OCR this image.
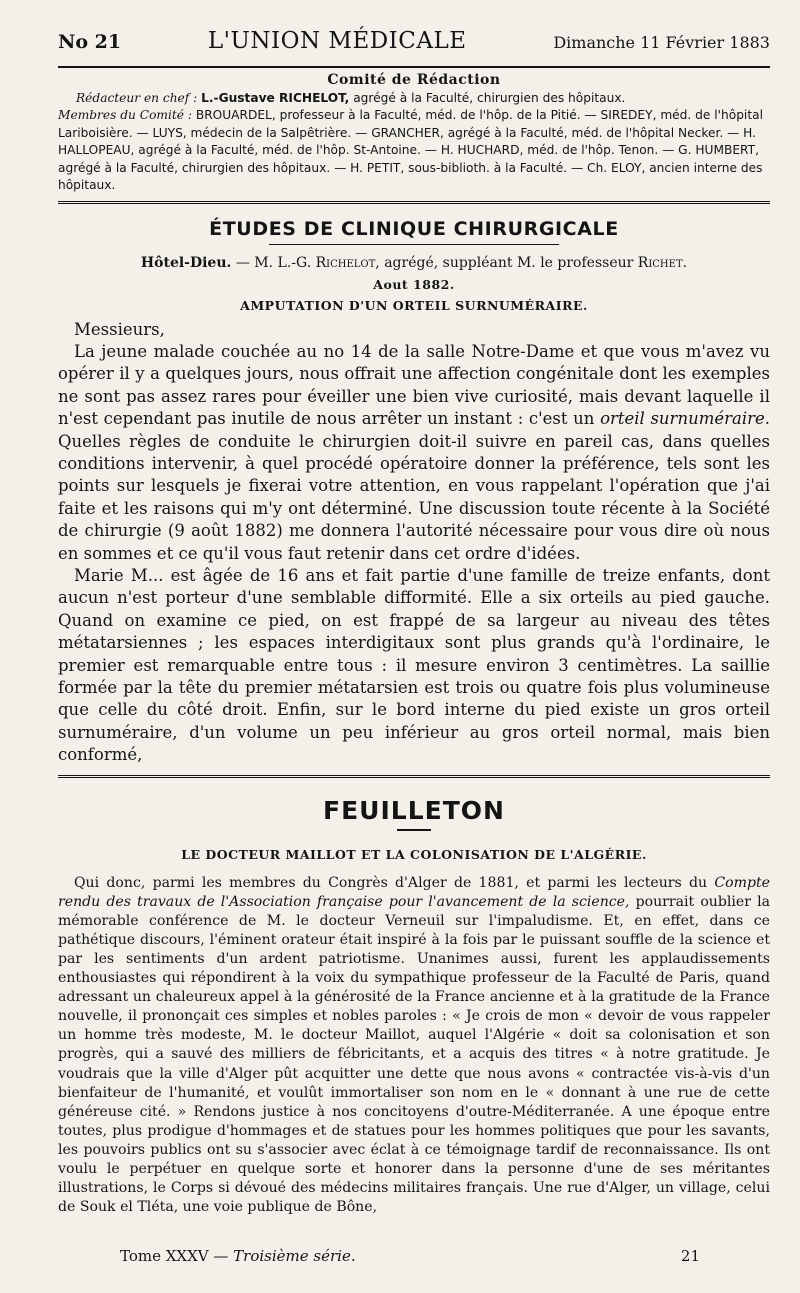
No 21	L'UNION MÉDICALE	Dimanche 11 Février 1883
Comité de Rédaction

Rédacteur en chef : L.-Gustave RICHELOT, agrégé à la Faculté, chirurgien des hôpitaux.

Membres du Comité : BROUARDEL, professeur à la Faculté, méd. de l'hôp. de la Pitié. — SIREDEY, méd. de l'hôpital Lariboisière. — LUYS, médecin de la Salpêtrière. — GRANCHER, agrégé à la Faculté, méd. de l'hôpital Necker. — H. HALLOPEAU, agrégé à la Faculté, méd. de l'hôp. St-Antoine. — H. HUCHARD, méd. de l'hôp. Tenon. — G. HUMBERT, agrégé à la Faculté, chirurgien des hôpitaux. — H. PETIT, sous-biblioth. à la Faculté. — Ch. ELOY, ancien interne des hôpitaux.

ÉTUDES DE CLINIQUE CHIRURGICALE
Hôtel-Dieu. — M. L.-G. Richelot, agrégé, suppléant M. le professeur Richet.
Aout 1882.
AMPUTATION D'UN ORTEIL SURNUMÉRAIRE.

Messieurs,

La jeune malade couchée au no 14 de la salle Notre-Dame et que vous m'avez vu opérer il y a quelques jours, nous offrait une affection congénitale dont les exemples ne sont pas assez rares pour éveiller une bien vive curiosité, mais devant laquelle il n'est cependant pas inutile de nous arrêter un instant : c'est un orteil surnuméraire. Quelles règles de conduite le chirurgien doit-il suivre en pareil cas, dans quelles conditions intervenir, à quel procédé opératoire donner la préférence, tels sont les points sur lesquels je fixerai votre attention, en vous rappelant l'opération que j'ai faite et les raisons qui m'y ont déterminé. Une discussion toute récente à la Société de chirurgie (9 août 1882) me donnera l'autorité nécessaire pour vous dire où nous en sommes et ce qu'il vous faut retenir dans cet ordre d'idées.

Marie M... est âgée de 16 ans et fait partie d'une famille de treize enfants, dont aucun n'est porteur d'une semblable difformité. Elle a six orteils au pied gauche. Quand on examine ce pied, on est frappé de sa largeur au niveau des têtes métatarsiennes ; les espaces interdigitaux sont plus grands qu'à l'ordinaire, le premier est remarquable entre tous : il mesure environ 3 centimètres. La saillie formée par la tête du premier métatarsien est trois ou quatre fois plus volumineuse que celle du côté droit. Enfin, sur le bord interne du pied existe un gros orteil surnuméraire, d'un volume un peu inférieur au gros orteil normal, mais bien conformé,

FEUILLETON
LE DOCTEUR MAILLOT ET LA COLONISATION DE L'ALGÉRIE.

Qui donc, parmi les membres du Congrès d'Alger de 1881, et parmi les lecteurs du Compte rendu des travaux de l'Association française pour l'avancement de la science, pourrait oublier la mémorable conférence de M. le docteur Verneuil sur l'impaludisme. Et, en effet, dans ce pathétique discours, l'éminent orateur était inspiré à la fois par le puissant souffle de la science et par les sentiments d'un ardent patriotisme. Unanimes aussi, furent les applaudissements enthousiastes qui répondirent à la voix du sympathique professeur de la Faculté de Paris, quand adressant un chaleureux appel à la générosité de la France ancienne et à la gratitude de la France nouvelle, il prononçait ces simples et nobles paroles : « Je crois de mon « devoir de vous rappeler un homme très modeste, M. le docteur Maillot, auquel l'Algérie « doit sa colonisation et son progrès, qui a sauvé des milliers de fébricitants, et a acquis des titres « à notre gratitude. Je voudrais que la ville d'Alger pût acquitter une dette que nous avons « contractée vis-à-vis d'un bienfaiteur de l'humanité, et voulût immortaliser son nom en le « donnant à une rue de cette généreuse cité. » Rendons justice à nos concitoyens d'outre-Méditerranée. A une époque entre toutes, plus prodigue d'hommages et de statues pour les hommes politiques que pour les savants, les pouvoirs publics ont su s'associer avec éclat à ce témoignage tardif de reconnaissance. Ils ont voulu le perpétuer en quelque sorte et honorer dans la personne d'une de ses méritantes illustrations, le Corps si dévoué des médecins militaires français. Une rue d'Alger, un village, celui de Souk el Tléta, une voie publique de Bône,

Tome XXXV — Troisième série.	21
